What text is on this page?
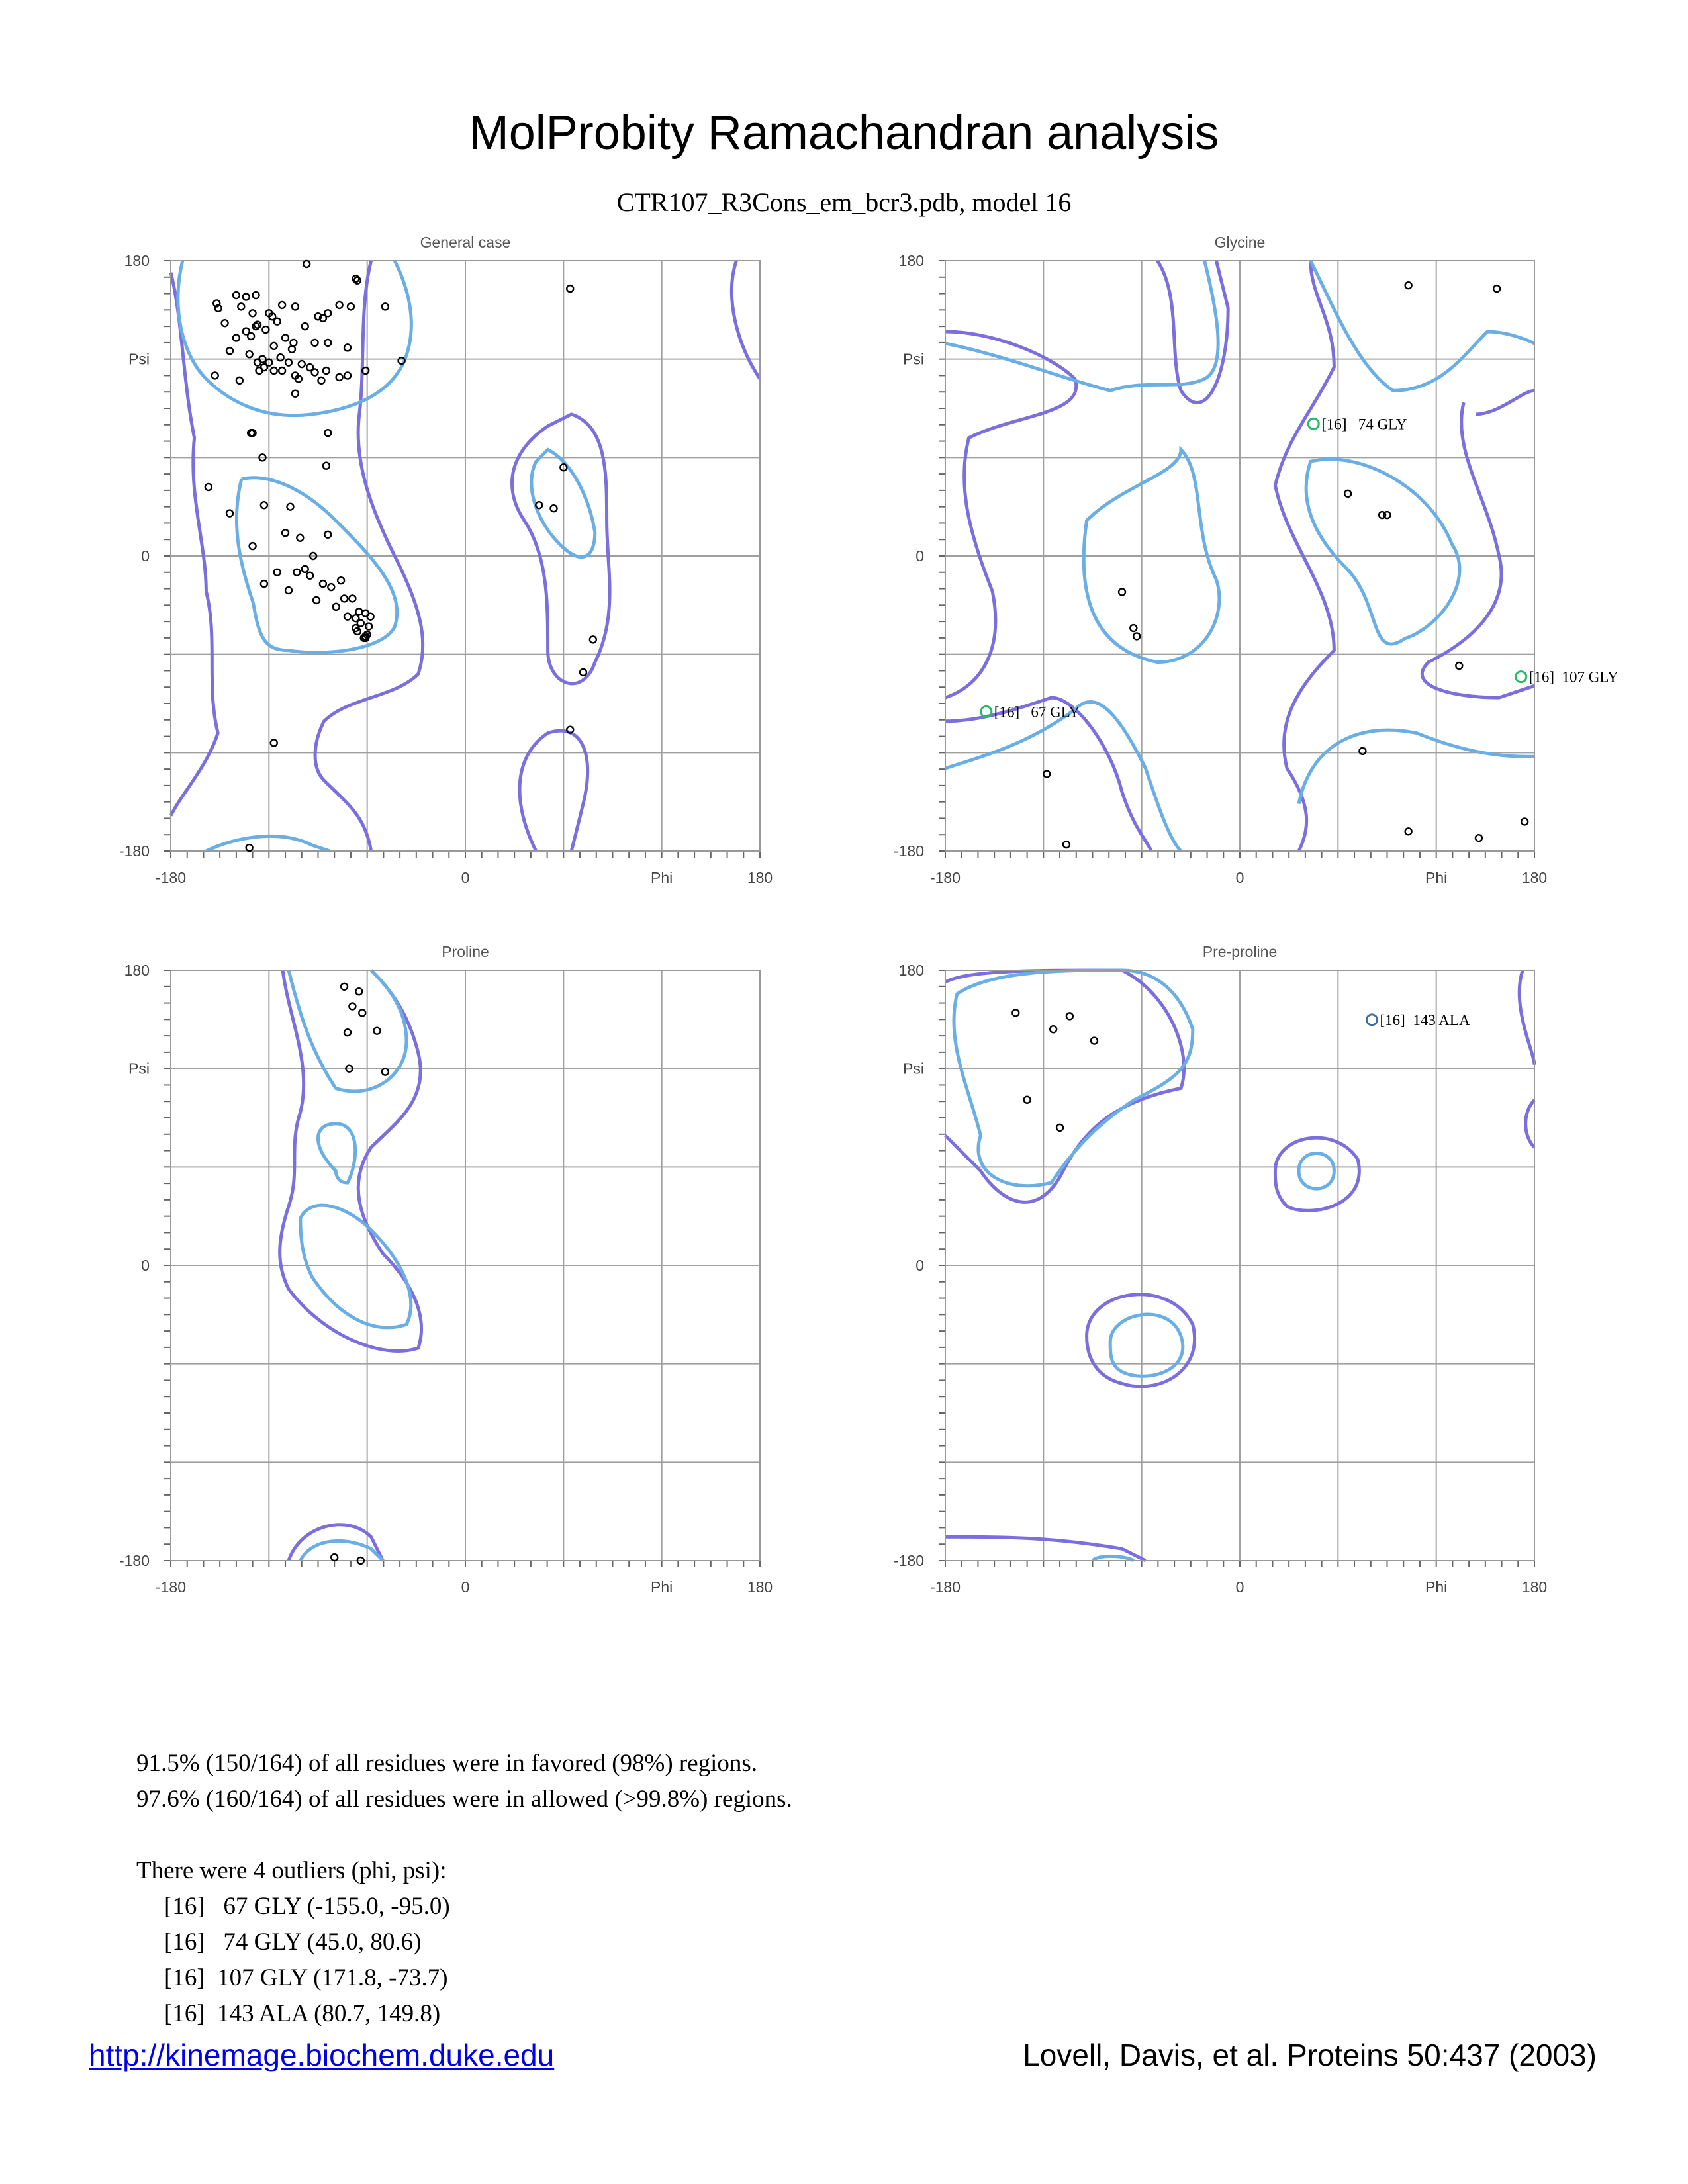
MolProbity Ramachandran analysis
CTR107_R3Cons_em_bcr3.pdb, model 16
General case
180
0
-180
Psi
-180	0	180
Phi
Glycine
180
0
-180
Psi
-180	0	180
Phi
[16]   67 GLY
[16]   74 GLY
[16]  107 GLY
Proline
180
0
-180
Psi
-180	0	180
Phi
Pre-proline
180
0
-180
Psi
-180	0	180
Phi
[16]  143 ALA
91.5% (150/164) of all residues were in favored (98%) regions.
97.6% (160/164) of all residues were in allowed (>99.8%) regions.
There were 4 outliers (phi, psi):
[16]   67 GLY (-155.0, -95.0)
[16]   74 GLY (45.0, 80.6)
[16]  107 GLY (171.8, -73.7)
[16]  143 ALA (80.7, 149.8)
http://kinemage.biochem.duke.edu	Lovell, Davis, et al. Proteins 50:437 (2003)
